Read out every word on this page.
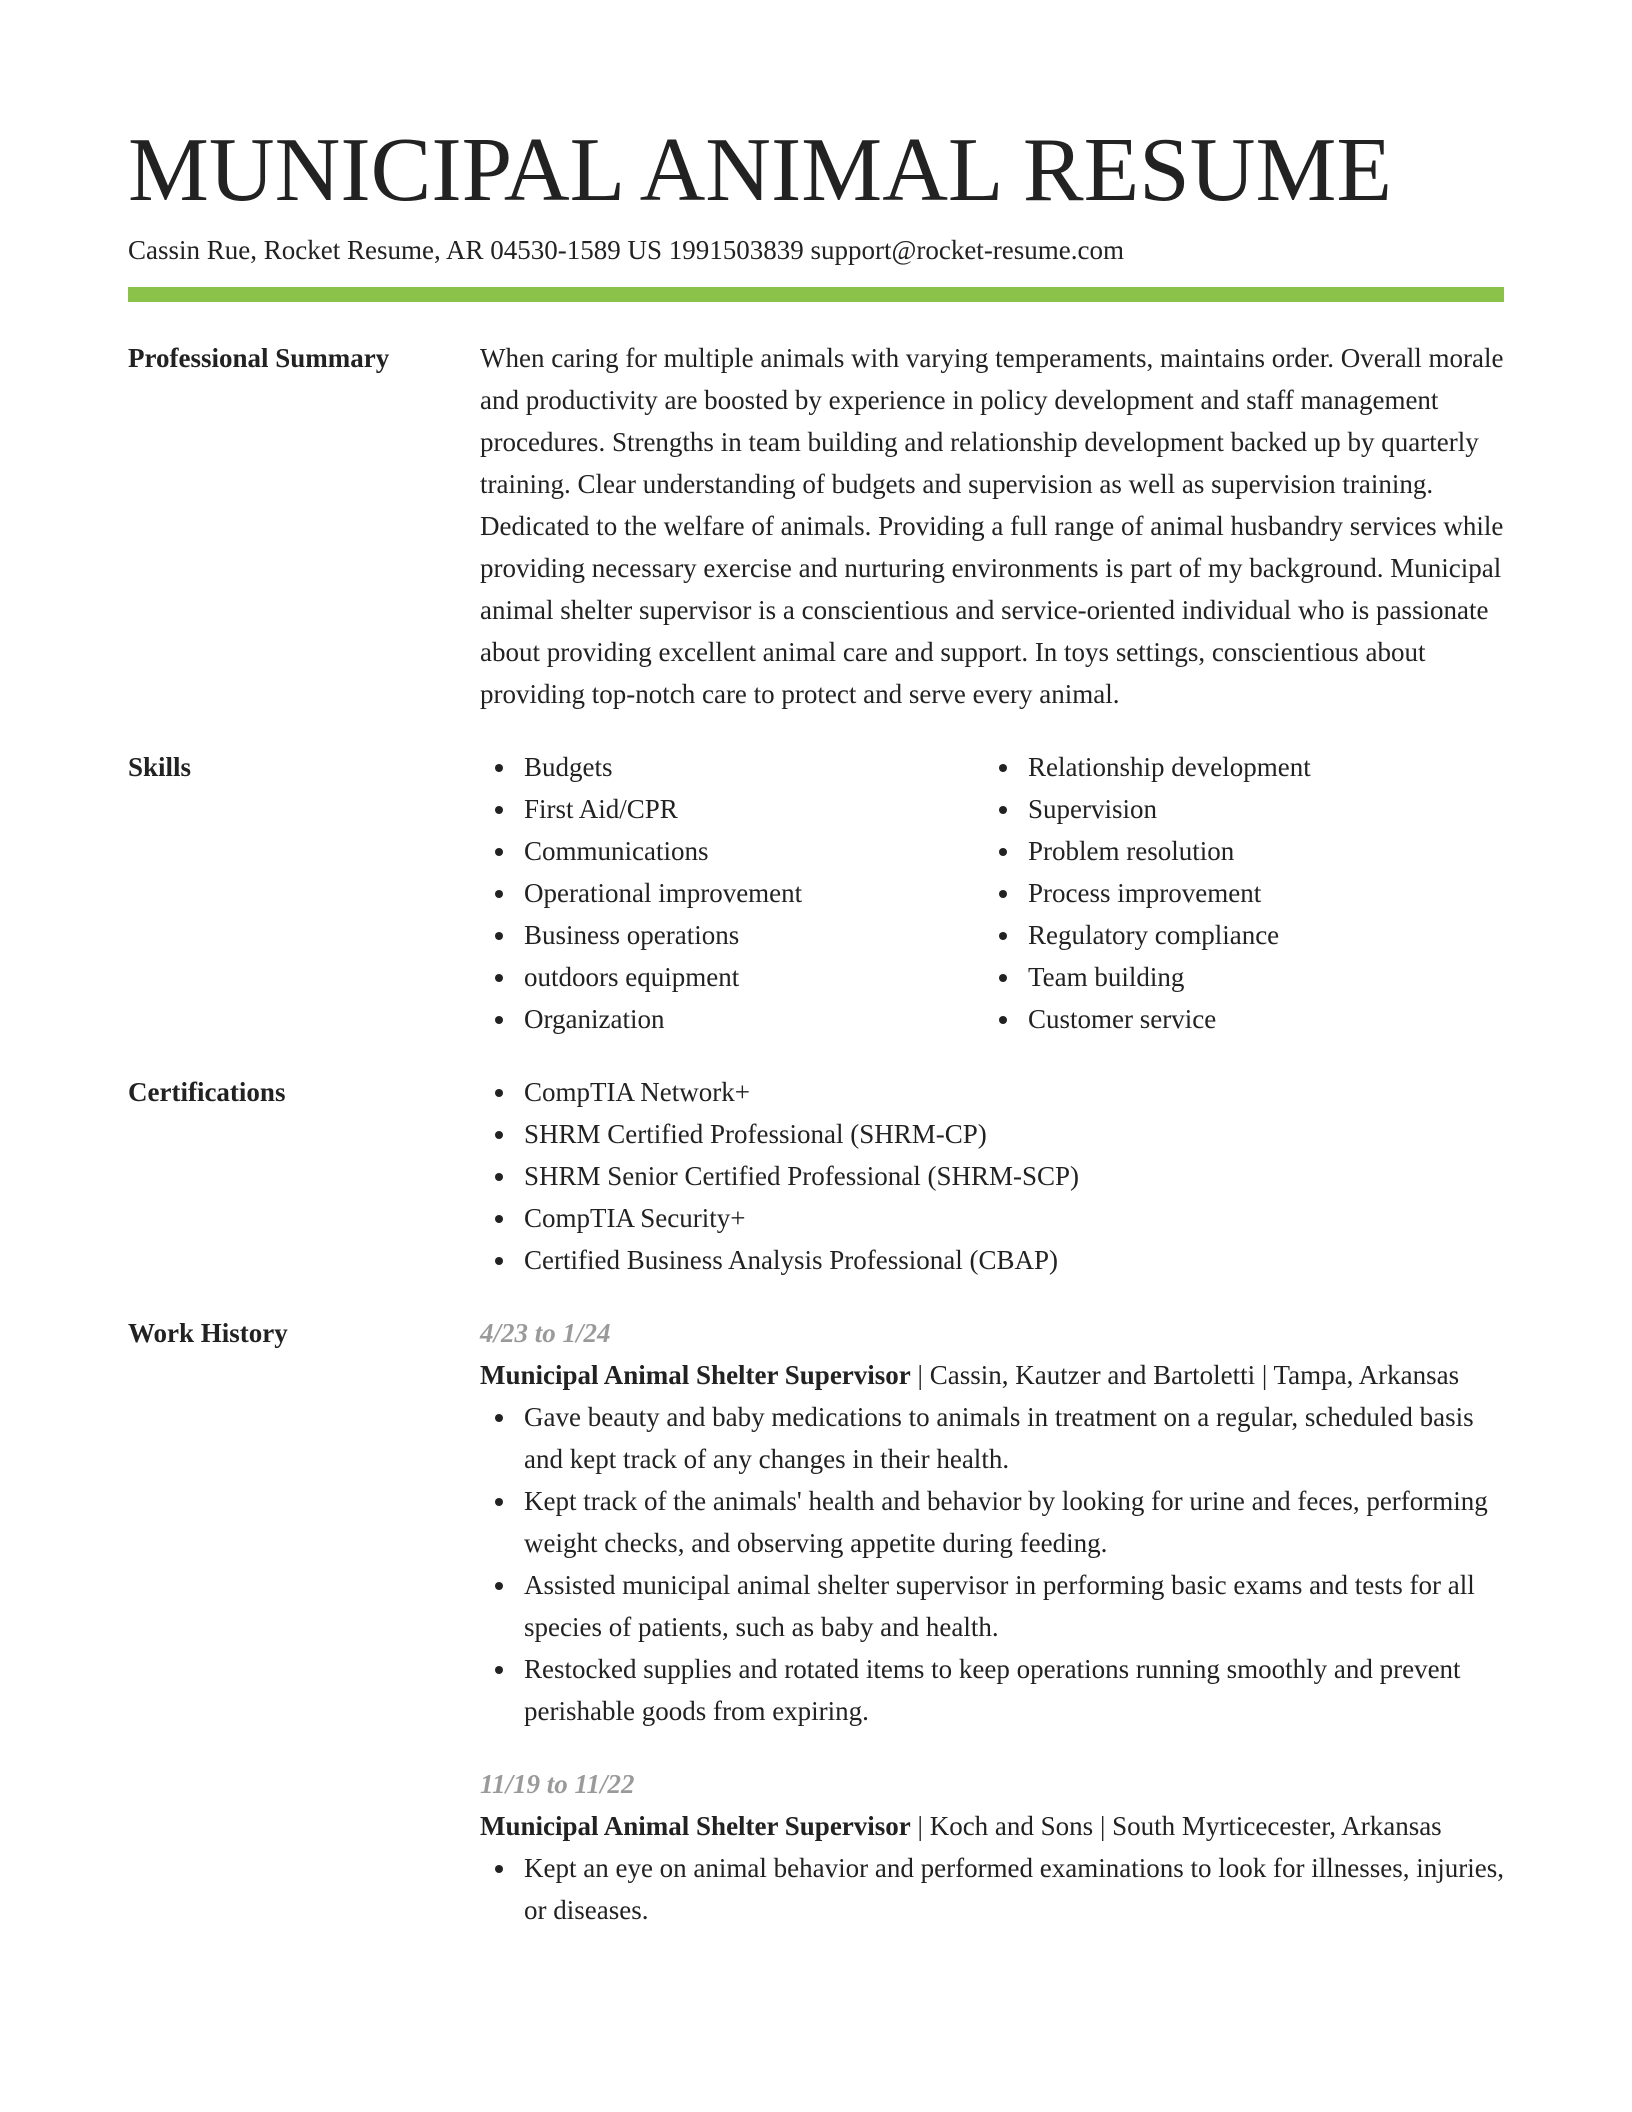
MUNICIPAL ANIMAL RESUME
Cassin Rue, Rocket Resume, AR 04530-1589 US 1991503839 support@rocket-resume.com
Professional Summary	When caring for multiple animals with varying temperaments, maintains order. Overall morale and productivity are boosted by experience in policy development and staff management procedures. Strengths in team building and relationship development backed up by quarterly training. Clear understanding of budgets and supervision as well as supervision training. Dedicated to the welfare of animals. Providing a full range of animal husbandry services while providing necessary exercise and nurturing environments is part of my background. Municipal animal shelter supervisor is a conscientious and service-oriented individual who is passionate about providing excellent animal care and support. In toys settings, conscientious about providing top-notch care to protect and serve every animal.

Skills	Budgets
First Aid/CPR
Communications
Operational improvement
Business operations
outdoors equipment
Organization
Relationship development
Supervision
Problem resolution
Process improvement
Regulatory compliance
Team building
Customer service
Certifications	CompTIA Network+
SHRM Certified Professional (SHRM-CP)
SHRM Senior Certified Professional (SHRM-SCP)
CompTIA Security+
Certified Business Analysis Professional (CBAP)
Work History	4/23 to 1/24

Municipal Animal Shelter Supervisor | Cassin, Kautzer and Bartoletti | Tampa, Arkansas

Gave beauty and baby medications to animals in treatment on a regular, scheduled basis and kept track of any changes in their health.
Kept track of the animals' health and behavior by looking for urine and feces, performing weight checks, and observing appetite during feeding.
Assisted municipal animal shelter supervisor in performing basic exams and tests for all species of patients, such as baby and health.
Restocked supplies and rotated items to keep operations running smoothly and prevent perishable goods from expiring.
11/19 to 11/22

Municipal Animal Shelter Supervisor | Koch and Sons | South Myrticecester, Arkansas

Kept an eye on animal behavior and performed examinations to look for illnesses, injuries, or diseases.
